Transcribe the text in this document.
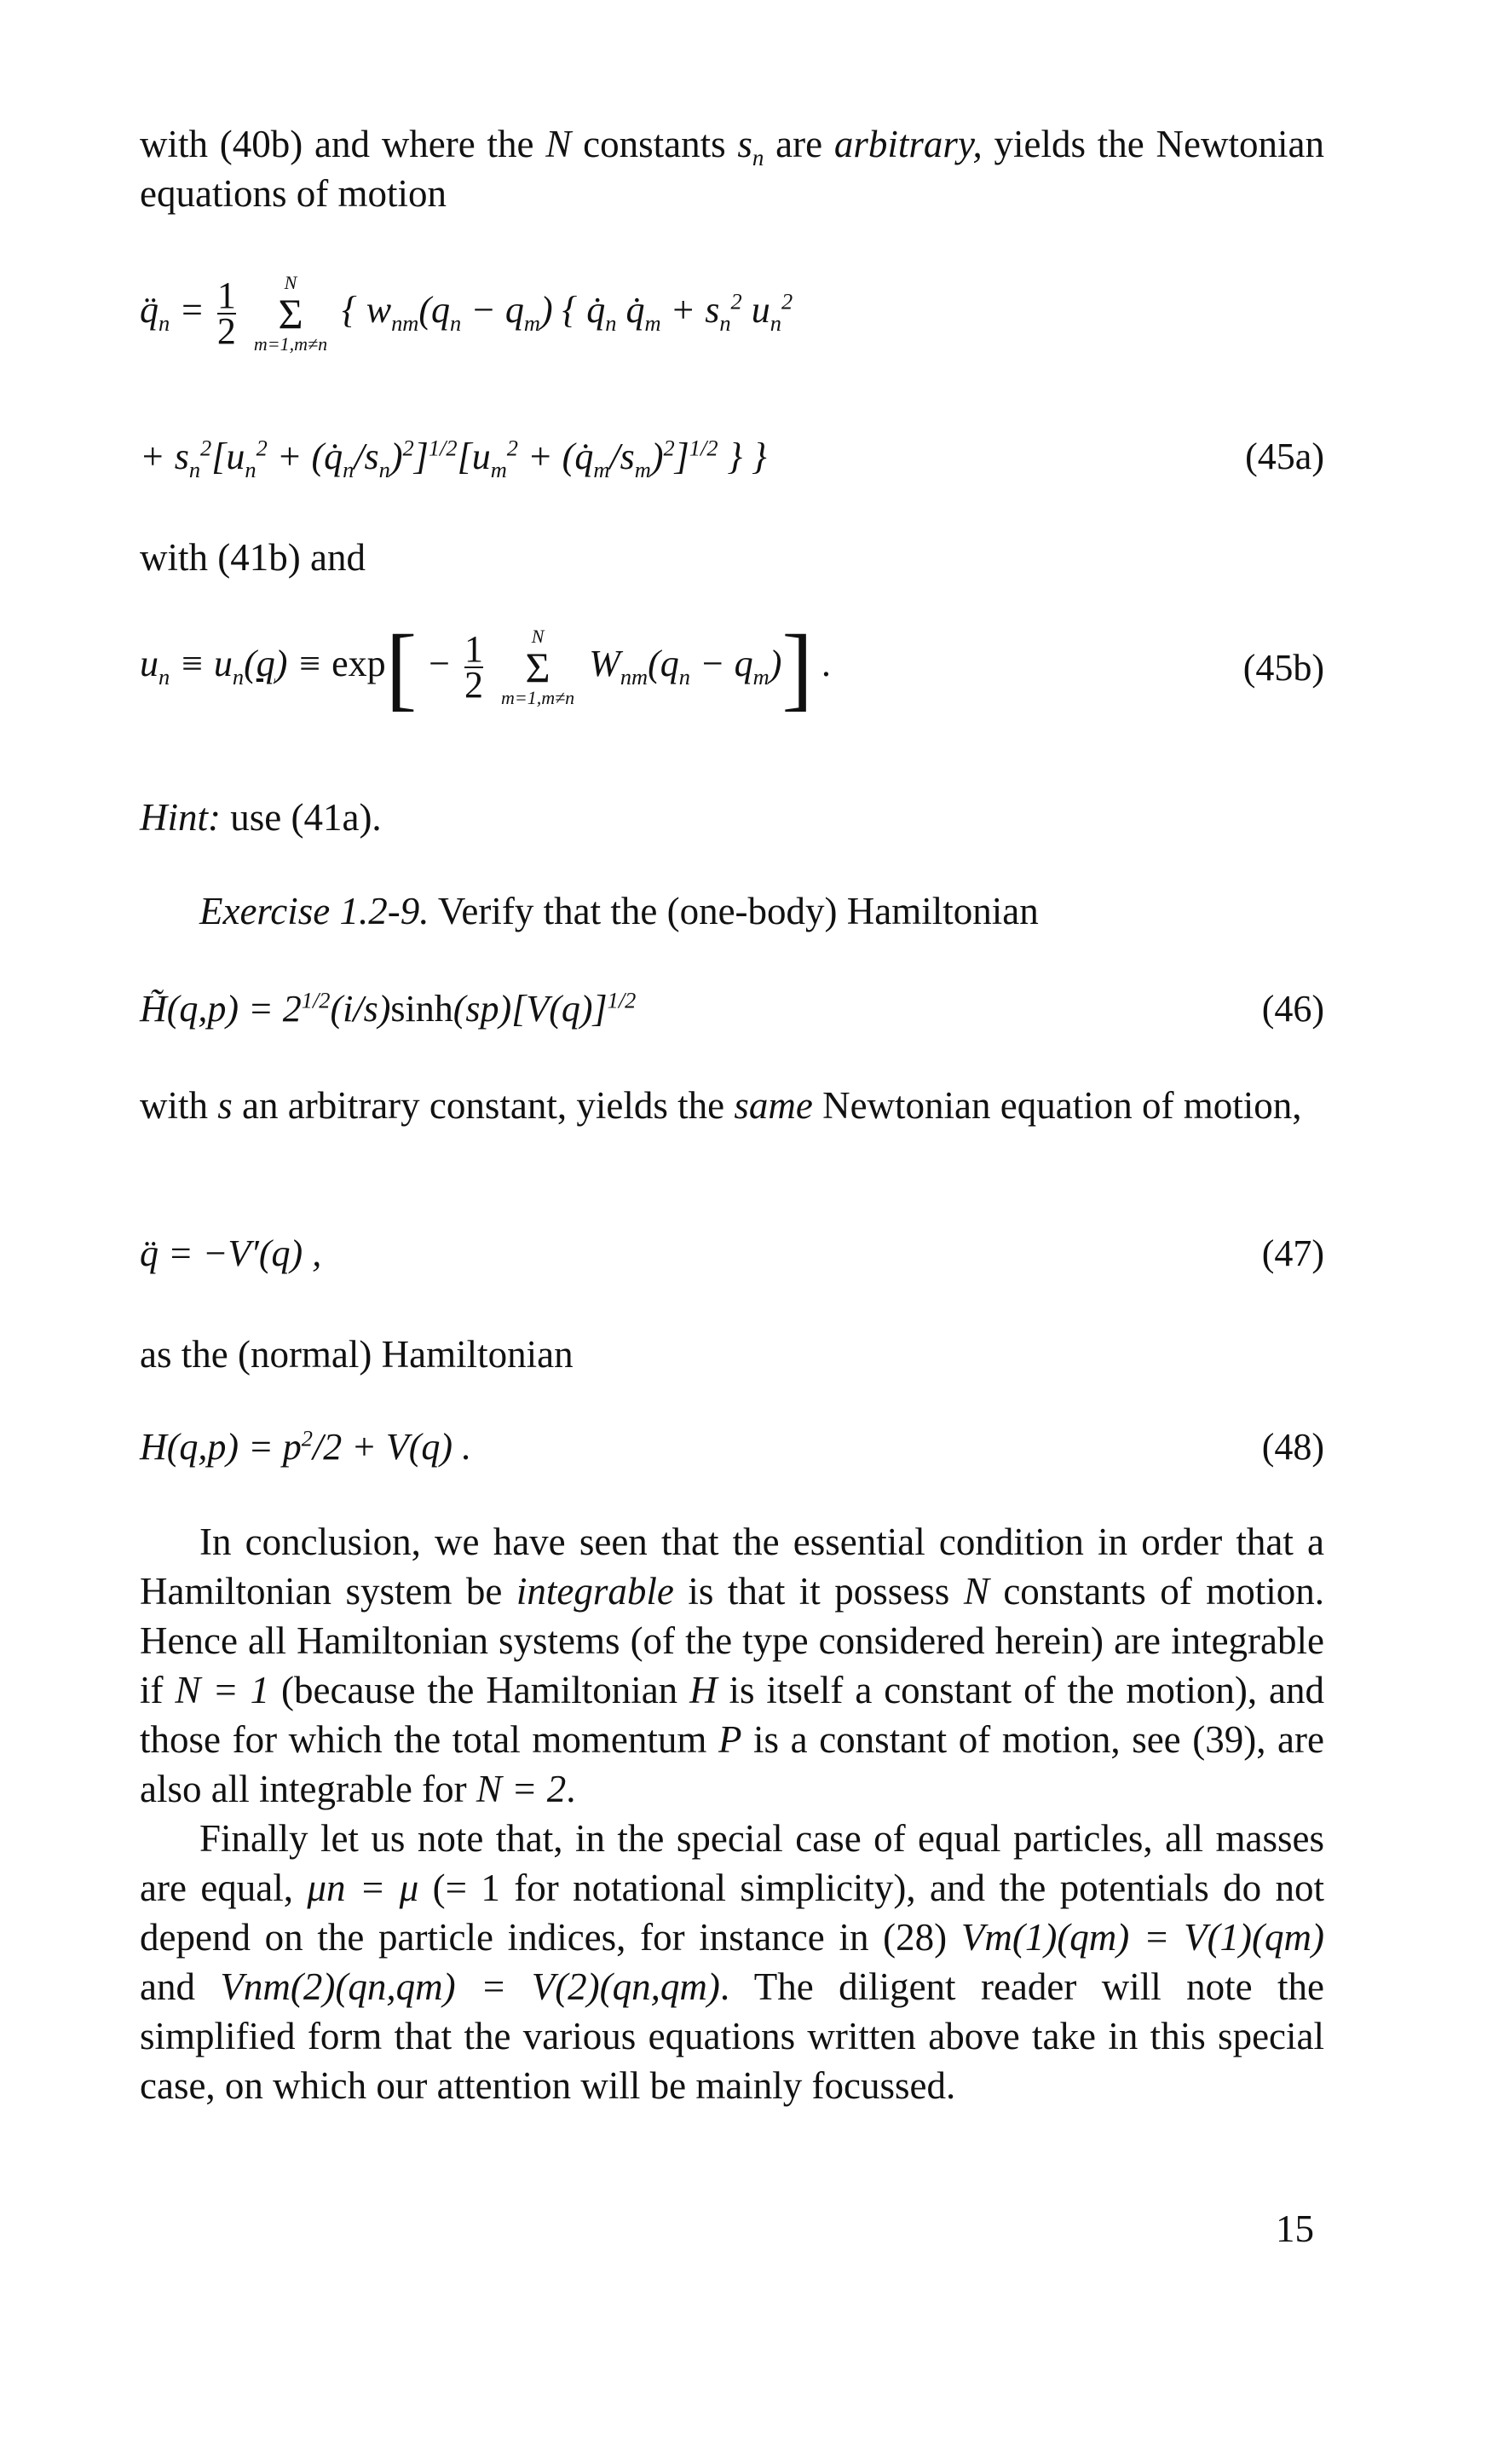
with (40b) and where the N constants $s_n$ are arbitrary, yields the Newtonian equations of motion

$q̈_n = \frac{1}{2}$
	N
Σ
m=1,m≠n
{ $w_{nm}(q_n - q_m)$ { $q̇_n$ $q̇_m + s_n^2$ $u_n^2$
+ $s_n^2[u_n^2$ + $(q̇_n/s_n)^2]^{1/2}[u_m^2$ + $(q̇_m/s_m)^2]^{1/2}$ } }	(45a)

with (41b) and

$u_n \equiv u_n(q) \equiv \exp[ - \frac{1}{2}$
	N
Σ
m=1,m≠n
$W_{nm}(q_n - q_m)$] .	(45b)

Hint: use (41a).

Exercise 1.2-9. Verify that the (one-body) Hamiltonian

H̃(q,p) = $2^{1/2}(i/s)\sinh(sp)[V(q)]^{1/2}$	(46)

with s an arbitrary constant, yields the same Newtonian equation of motion,

q̈ = −V′(q) ,	(47)

as the (normal) Hamiltonian

$H(q,p) = p^2/2 + V(q)$ .	(48)

In conclusion, we have seen that the essential condition in order that a Hamiltonian system be integrable is that it possess N constants of motion. Hence all Hamiltonian systems (of the type considered herein) are integrable if N = 1 (because the Hamiltonian H is itself a constant of the motion), and those for which the total momentum P is a constant of motion, see (39), are also all integrable for N = 2.

Finally let us note that, in the special case of equal particles, all masses are equal, μn = μ (= 1 for notational simplicity), and the potentials do not depend on the particle indices, for instance in (28) Vm(1)(qm) = V(1)(qm) and Vnm(2)(qn,qm) = V(2)(qn,qm). The diligent reader will note the simplified form that the various equations written above take in this special case, on which our attention will be mainly focussed.

15
